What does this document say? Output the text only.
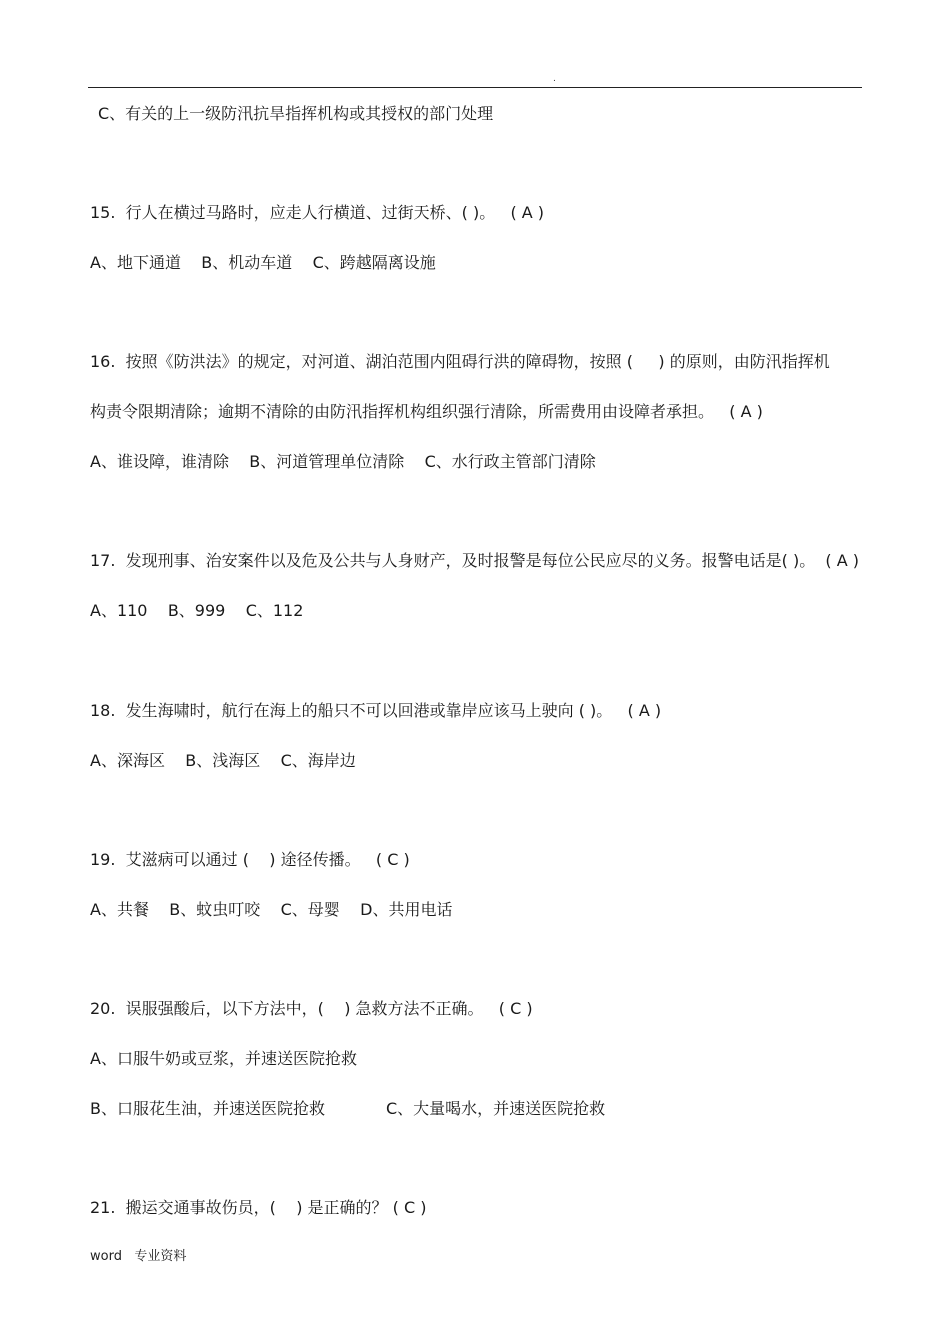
.
C、有关的上一级防汛抗旱指挥机构或其授权的部门处理
15.  行人在横过马路时，应走人行横道、过街天桥、( )。   ( A )
A、地下通道    B、机动车道    C、跨越隔离设施
16.  按照《防洪法》的规定，对河道、湖泊范围内阻碍行洪的障碍物，按照 (     ) 的原则，由防汛指挥机
构责令限期清除；逾期不清除的由防汛指挥机构组织强行清除，所需费用由设障者承担。   ( A )
A、谁设障，谁清除    B、河道管理单位清除    C、水行政主管部门清除
17.  发现刑事、治安案件以及危及公共与人身财产，及时报警是每位公民应尽的义务。报警电话是( )。  ( A )
A、110    B、999    C、112
18.  发生海啸时，航行在海上的船只不可以回港或靠岸应该马上驶向 ( )。   ( A )
A、深海区    B、浅海区    C、海岸边
19.  艾滋病可以通过 (    ) 途径传播。   ( C )
A、共餐    B、蚊虫叮咬    C、母婴    D、共用电话
20.  误服强酸后，以下方法中，(    ) 急救方法不正确。   ( C )
A、口服牛奶或豆浆，并速送医院抢救
B、口服花生油，并速送医院抢救            C、大量喝水，并速送医院抢救
21.  搬运交通事故伤员，(    ) 是正确的？ ( C )
word   专业资料
